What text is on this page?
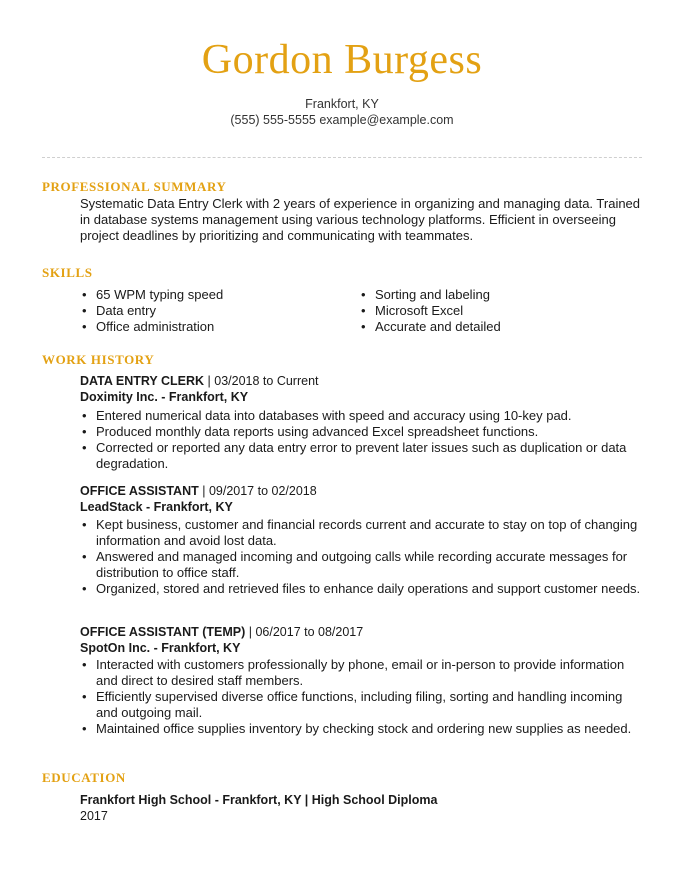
Gordon Burgess
Frankfort, KY
(555) 555-5555 example@example.com
PROFESSIONAL SUMMARY
Systematic Data Entry Clerk with 2 years of experience in organizing and managing data. Trained in database systems management using various technology platforms. Efficient in overseeing project deadlines by prioritizing and communicating with teammates.
SKILLS
• 65 WPM typing speed
• Data entry
• Office administration
• Sorting and labeling
• Microsoft Excel
• Accurate and detailed
WORK HISTORY
DATA ENTRY CLERK | 03/2018 to Current
Doximity Inc. - Frankfort, KY
• Entered numerical data into databases with speed and accuracy using 10-key pad.
• Produced monthly data reports using advanced Excel spreadsheet functions.
• Corrected or reported any data entry error to prevent later issues such as duplication or data degradation.
OFFICE ASSISTANT | 09/2017 to 02/2018
LeadStack - Frankfort, KY
• Kept business, customer and financial records current and accurate to stay on top of changing information and avoid lost data.
• Answered and managed incoming and outgoing calls while recording accurate messages for distribution to office staff.
• Organized, stored and retrieved files to enhance daily operations and support customer needs.
OFFICE ASSISTANT (TEMP) | 06/2017 to 08/2017
SpotOn Inc. - Frankfort, KY
• Interacted with customers professionally by phone, email or in-person to provide information and direct to desired staff members.
• Efficiently supervised diverse office functions, including filing, sorting and handling incoming and outgoing mail.
• Maintained office supplies inventory by checking stock and ordering new supplies as needed.
EDUCATION
Frankfort High School - Frankfort, KY | High School Diploma
2017
